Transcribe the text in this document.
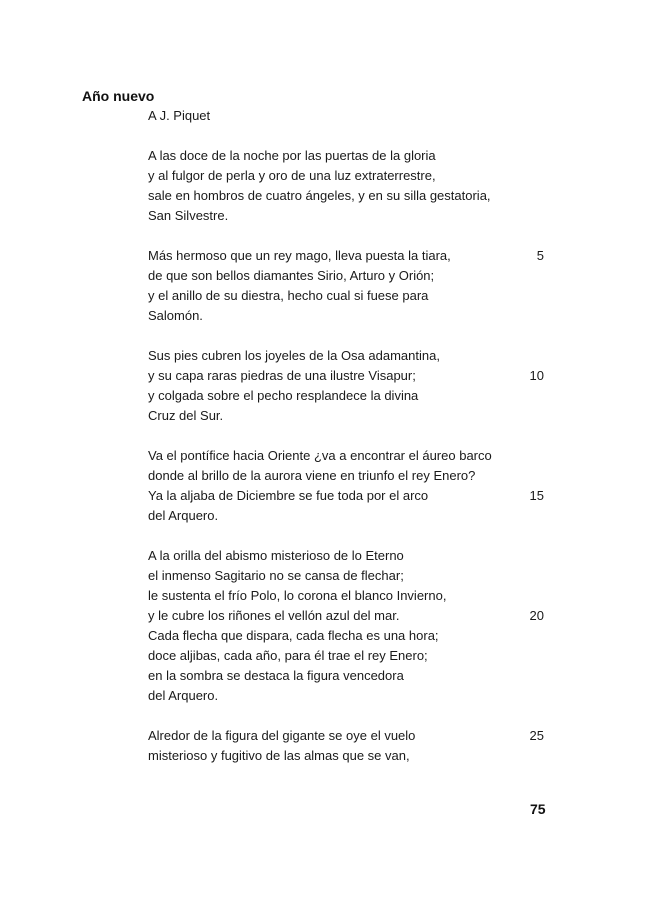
Año nuevo
A J. Piquet
A las doce de la noche por las puertas de la gloria
y al fulgor de perla y oro de una luz extraterrestre,
sale en hombros de cuatro ángeles, y en su silla gestatoria,
San Silvestre.
Más hermoso que un rey mago, lleva puesta la tiara,	5
de que son bellos diamantes Sirio, Arturo y Orión;
y el anillo de su diestra, hecho cual si fuese para
Salomón.
Sus pies cubren los joyeles de la Osa adamantina,
y su capa raras piedras de una ilustre Visapur;	10
y colgada sobre el pecho resplandece la divina
Cruz del Sur.
Va el pontífice hacia Oriente ¿va a encontrar el áureo barco
donde al brillo de la aurora viene en triunfo el rey Enero?
Ya la aljaba de Diciembre se fue toda por el arco	15
del Arquero.
A la orilla del abismo misterioso de lo Eterno
el inmenso Sagitario no se cansa de flechar;
le sustenta el frío Polo, lo corona el blanco Invierno,
y le cubre los riñones el vellón azul del mar.	20
Cada flecha que dispara, cada flecha es una hora;
doce aljibas, cada año, para él trae el rey Enero;
en la sombra se destaca la figura vencedora
del Arquero.
Alredor de la figura del gigante se oye el vuelo	25
misterioso y fugitivo de las almas que se van,
75
